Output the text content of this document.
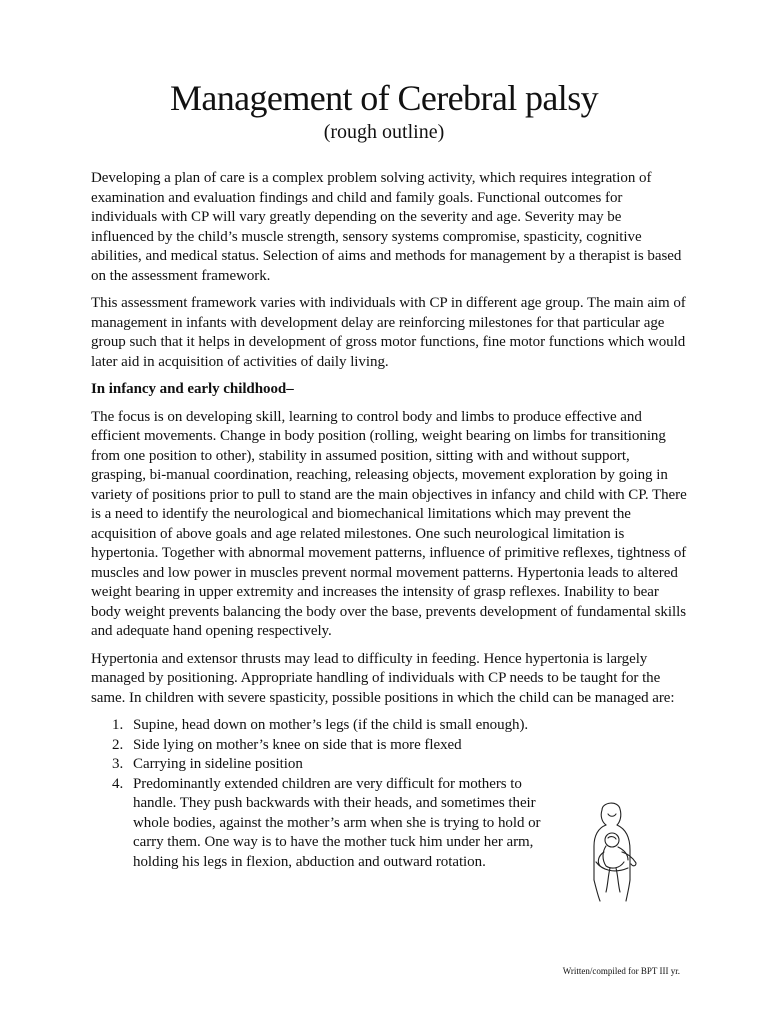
Management of Cerebral palsy
(rough outline)

Developing a plan of care is a complex problem solving activity, which requires integration of examination and evaluation findings and child and family goals. Functional outcomes for individuals with CP will vary greatly depending on the severity and age. Severity may be influenced by the child’s muscle strength, sensory systems compromise, spasticity, cognitive abilities, and medical status. Selection of aims and methods for management by a therapist is based on the assessment framework.

This assessment framework varies with individuals with CP in different age group. The main aim of management in infants with development delay are reinforcing milestones for that particular age group such that it helps in development of gross motor functions, fine motor functions which would later aid in acquisition of activities of daily living.

In infancy and early childhood–

The focus is on developing skill, learning to control body and limbs to produce effective and efficient movements. Change in body position (rolling, weight bearing on limbs for transitioning from one position to other), stability in assumed position, sitting with and without support, grasping, bi-manual coordination, reaching, releasing objects, movement exploration by going in variety of positions prior to pull to stand are the main objectives in infancy and child with CP. There is a need to identify the neurological and biomechanical limitations which may prevent the acquisition of above goals and age related milestones. One such neurological limitation is hypertonia. Together with abnormal movement patterns, influence of primitive reflexes, tightness of muscles and low power in muscles prevent normal movement patterns. Hypertonia leads to altered weight bearing in upper extremity and increases the intensity of grasp reflexes. Inability to bear body weight prevents balancing the body over the base, prevents development of fundamental skills and adequate hand opening respectively.

Hypertonia and extensor thrusts may lead to difficulty in feeding. Hence hypertonia is largely managed by positioning. Appropriate handling of individuals with CP needs to be taught for the same. In children with severe spasticity, possible positions in which the child can be managed are:

1. Supine, head down on mother’s legs (if the child is small enough).
2. Side lying on mother’s knee on side that is more flexed
3. Carrying in sideline position
4. Predominantly extended children are very difficult for mothers to handle. They push backwards with their heads, and sometimes their whole bodies, against the mother’s arm when she is trying to hold or carry them. One way is to have the mother tuck him under her arm, holding his legs in flexion, abduction and outward rotation.
Written/compiled for BPT III yr.
